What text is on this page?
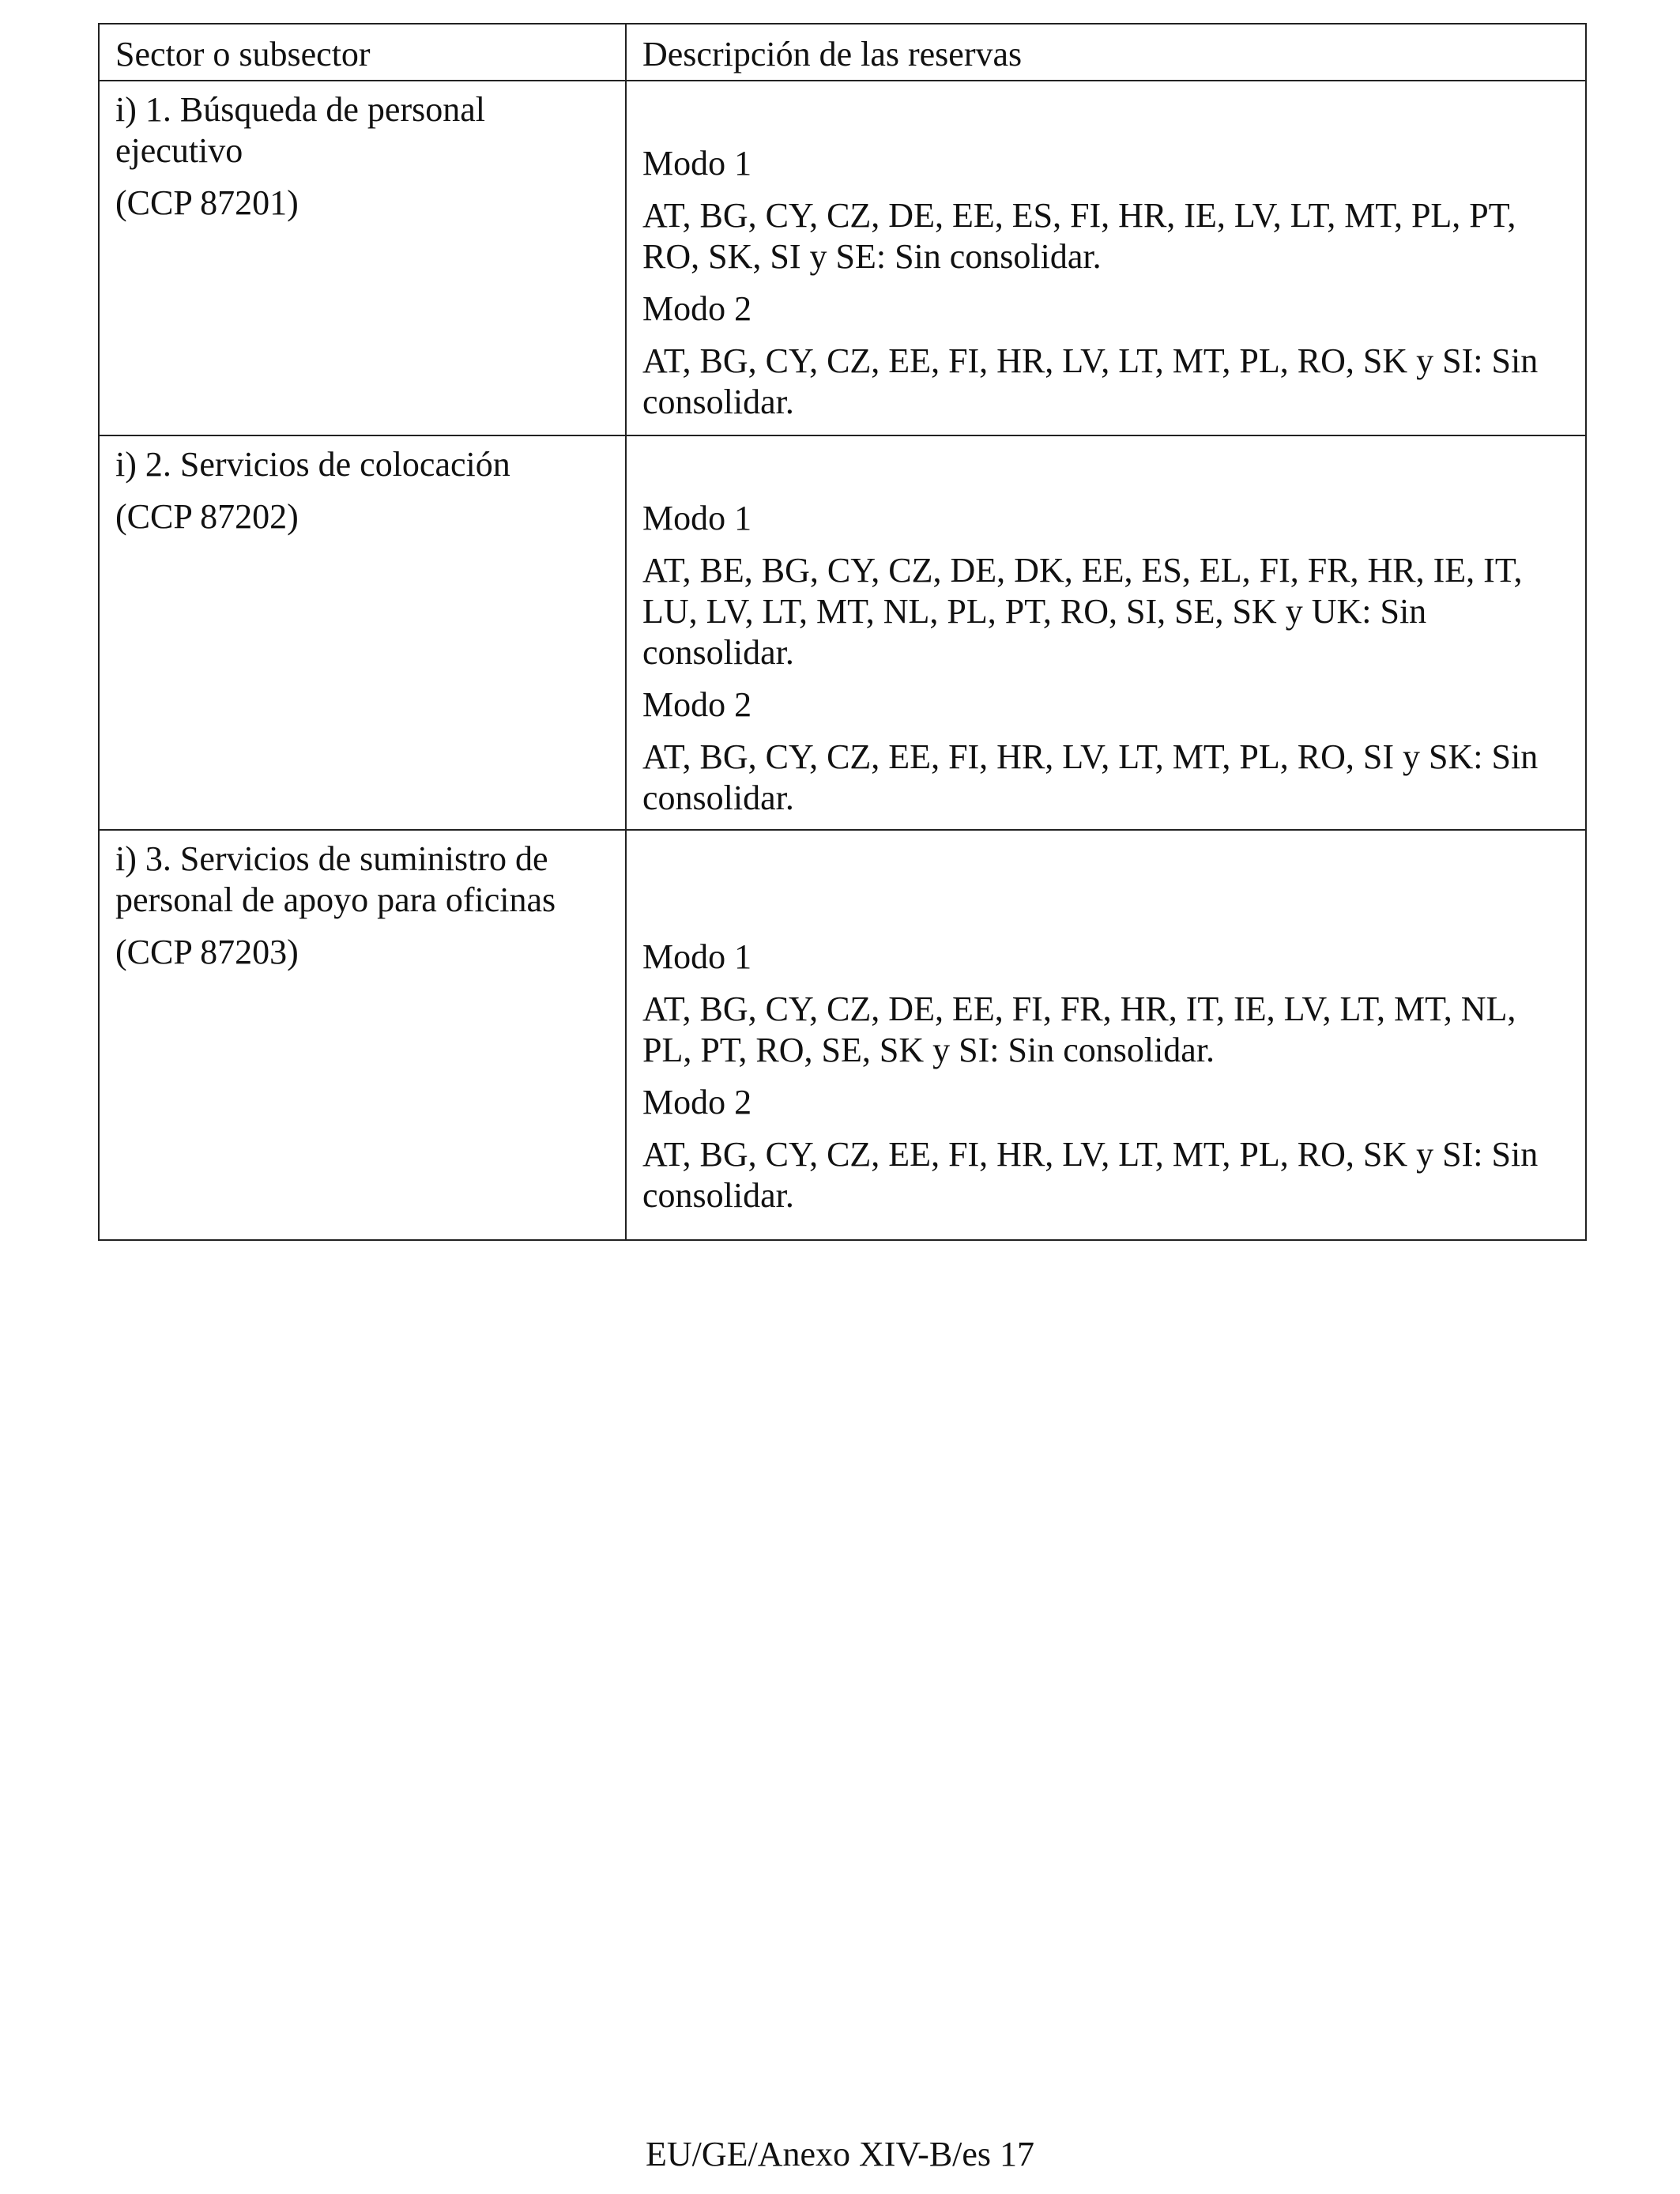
Sector o subsector	Descripción de las reservas

i) 1. Búsqueda de personal ejecutivo
(CCP 87201)	Modo 1
AT, BG, CY, CZ, DE, EE, ES, FI, HR, IE, LV, LT, MT, PL, PT, RO, SK, SI y SE: Sin consolidar.
Modo 2
AT, BG, CY, CZ, EE, FI, HR, LV, LT, MT, PL, RO, SK y SI: Sin consolidar.

i) 2. Servicios de colocación
(CCP 87202)	Modo 1
AT, BE, BG, CY, CZ, DE, DK, EE, ES, EL, FI, FR, HR, IE, IT, LU, LV, LT, MT, NL, PL, PT, RO, SI, SE, SK y UK: Sin consolidar.
Modo 2
AT, BG, CY, CZ, EE, FI, HR, LV, LT, MT, PL, RO, SI y SK: Sin consolidar.

i) 3. Servicios de suministro de personal de apoyo para oficinas
(CCP 87203)	Modo 1
AT, BG, CY, CZ, DE, EE, FI, FR, HR, IT, IE, LV, LT, MT, NL, PL, PT, RO, SE, SK y SI: Sin consolidar.
Modo 2
AT, BG, CY, CZ, EE, FI, HR, LV, LT, MT, PL, RO, SK y SI: Sin consolidar.
EU/GE/Anexo XIV-B/es 17
